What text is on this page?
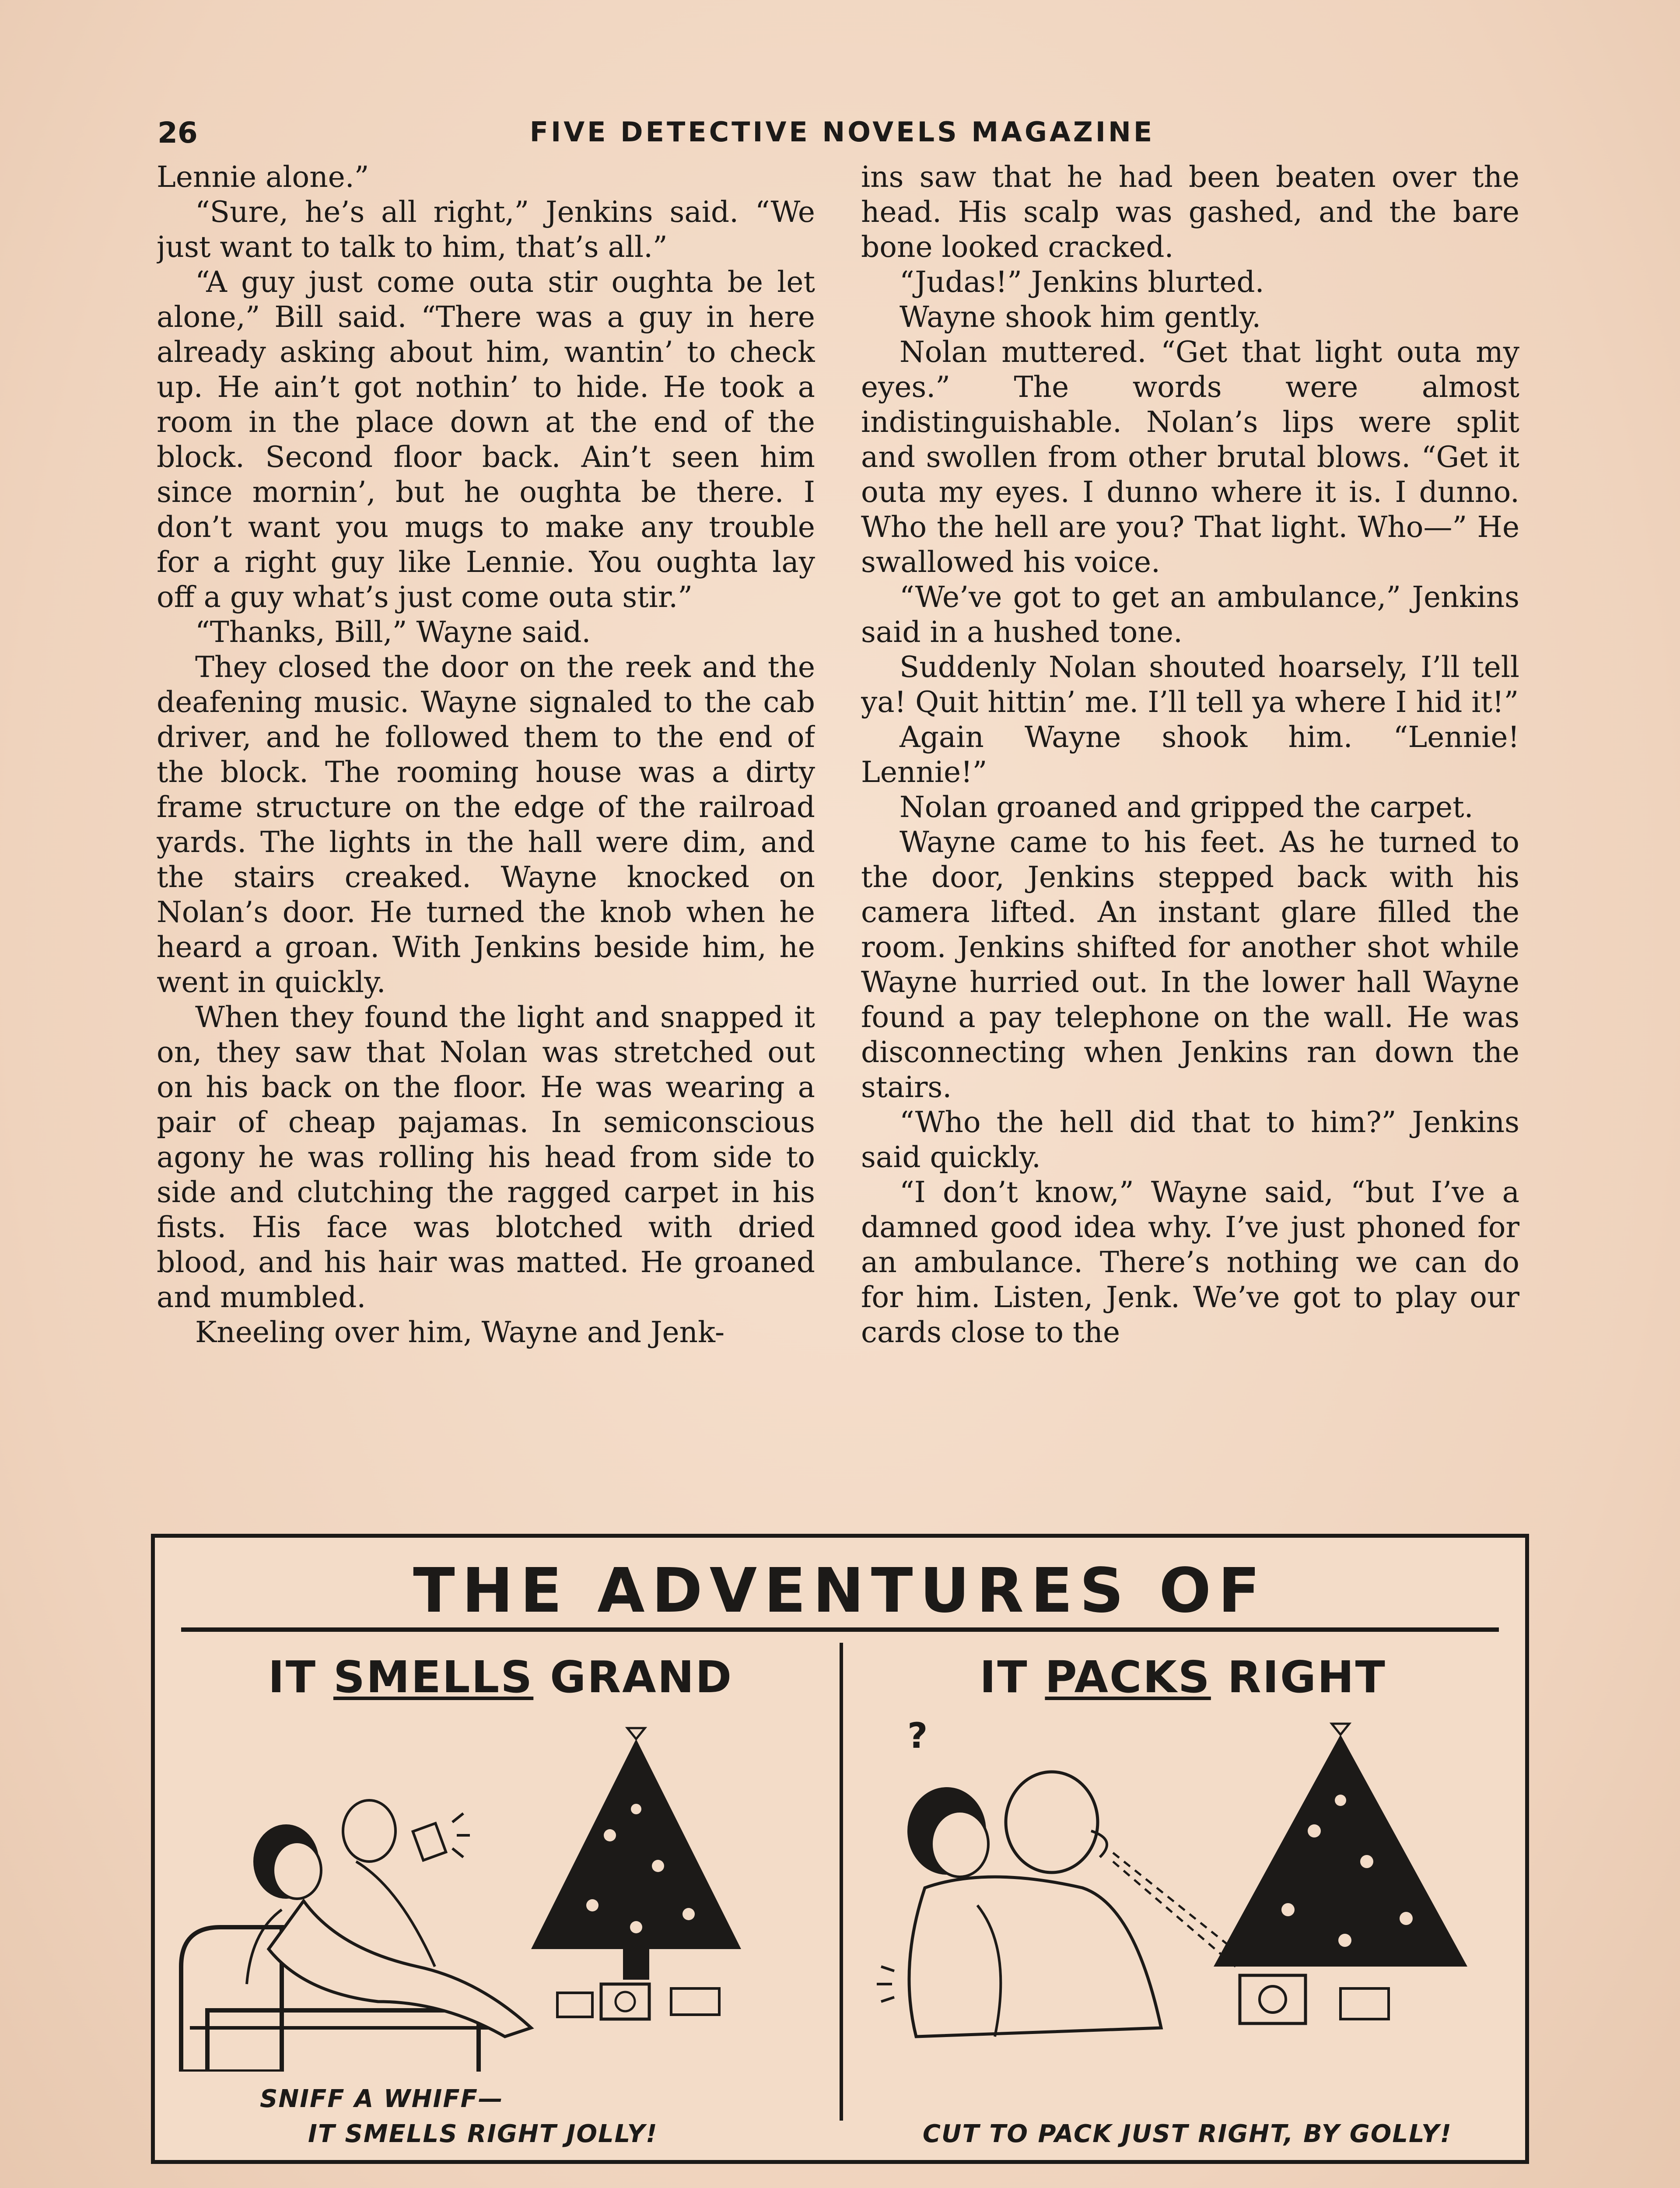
26	FIVE DETECTIVE NOVELS MAGAZINE

Lennie alone.”

“Sure, he’s all right,” Jenkins said. “We just want to talk to him, that’s all.”

“A guy just come outa stir oughta be let alone,” Bill said. “There was a guy in here already asking about him, wantin’ to check up. He ain’t got nothin’ to hide. He took a room in the place down at the end of the block. Second floor back. Ain’t seen him since mornin’, but he oughta be there. I don’t want you mugs to make any trouble for a right guy like Lennie. You oughta lay off a guy what’s just come outa stir.”

“Thanks, Bill,” Wayne said.

They closed the door on the reek and the deafening music. Wayne signaled to the cab driver, and he followed them to the end of the block. The rooming house was a dirty frame structure on the edge of the railroad yards. The lights in the hall were dim, and the stairs creaked. Wayne knocked on Nolan’s door. He turned the knob when he heard a groan. With Jenkins beside him, he went in quickly.

When they found the light and snapped it on, they saw that Nolan was stretched out on his back on the floor. He was wearing a pair of cheap pajamas. In semiconscious agony he was rolling his head from side to side and clutching the ragged carpet in his fists. His face was blotched with dried blood, and his hair was matted. He groaned and mumbled.

Kneeling over him, Wayne and Jenk-

ins saw that he had been beaten over the head. His scalp was gashed, and the bare bone looked cracked.

“Judas!” Jenkins blurted.

Wayne shook him gently.

Nolan muttered. “Get that light outa my eyes.” The words were almost indistinguishable. Nolan’s lips were split and swollen from other brutal blows. “Get it outa my eyes. I dunno where it is. I dunno. Who the hell are you? That light. Who—” He swallowed his voice.

“We’ve got to get an ambulance,” Jenkins said in a hushed tone.

Suddenly Nolan shouted hoarsely, I’ll tell ya! Quit hittin’ me. I’ll tell ya where I hid it!”

Again Wayne shook him. “Lennie! Lennie!”

Nolan groaned and gripped the carpet.

Wayne came to his feet. As he turned to the door, Jenkins stepped back with his camera lifted. An instant glare filled the room. Jenkins shifted for another shot while Wayne hurried out. In the lower hall Wayne found a pay telephone on the wall. He was disconnecting when Jenkins ran down the stairs.

“Who the hell did that to him?” Jenkins said quickly.

“I don’t know,” Wayne said, “but I’ve a damned good idea why. I’ve just phoned for an ambulance. There’s nothing we can do for him. Listen, Jenk. We’ve got to play our cards close to the

THE ADVENTURES OF
IT SMELLS GRAND
SNIFF A WHIFF—
IT SMELLS RIGHT JOLLY!
IT PACKS RIGHT
?
CUT TO PACK JUST RIGHT, BY GOLLY!
